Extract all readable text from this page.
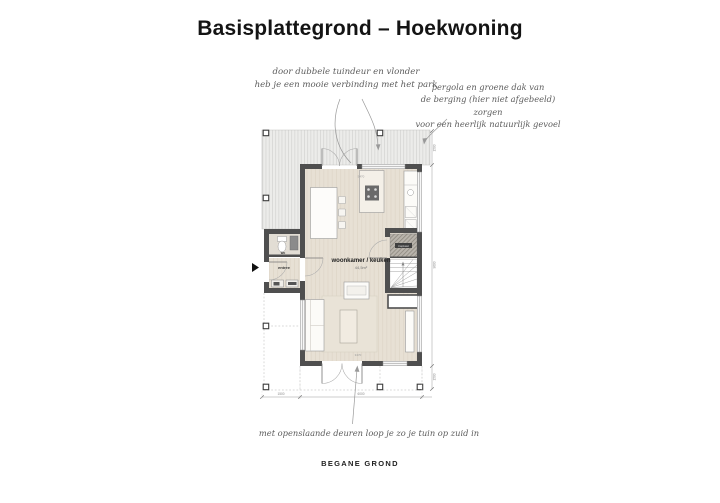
Basisplattegrond – Hoekwoning
door dubbele tuindeur en vlonder
heb je een mooie verbinding met het park
pergola en groene dak van
de berging (hier niet afgebeeld) zorgen
voor een heerlijk natuurlijk gevoel
met openslaande deuren loop je zo je tuin op zuid in
BEGANE GROND
trapkast
woonkamer / keuken
44,5m²
entree
wc
5470
3470
1500	6000
1500
9600
1500
